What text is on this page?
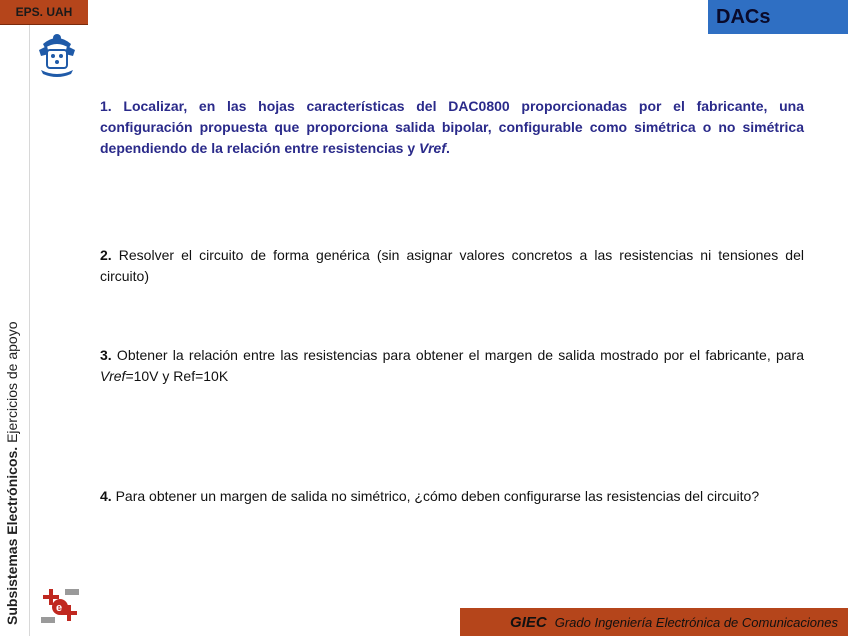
EPS. UAH	DACs
Subsistemas Electrónicos. Ejercicios de apoyo
1. Localizar, en las hojas características del DAC0800 proporcionadas por el fabricante, una configuración propuesta que proporciona salida bipolar, configurable como simétrica o no simétrica dependiendo de la relación entre resistencias y Vref.
2. Resolver el circuito de forma genérica (sin asignar valores concretos a las resistencias ni tensiones del circuito)
3. Obtener la relación entre las resistencias para obtener el margen de salida mostrado por el fabricante, para Vref=10V y Ref=10K
4. Para obtener un margen de salida no simétrico, ¿cómo deben configurarse las resistencias del circuito?
e
GIEC Grado Ingeniería Electrónica de Comunicaciones
